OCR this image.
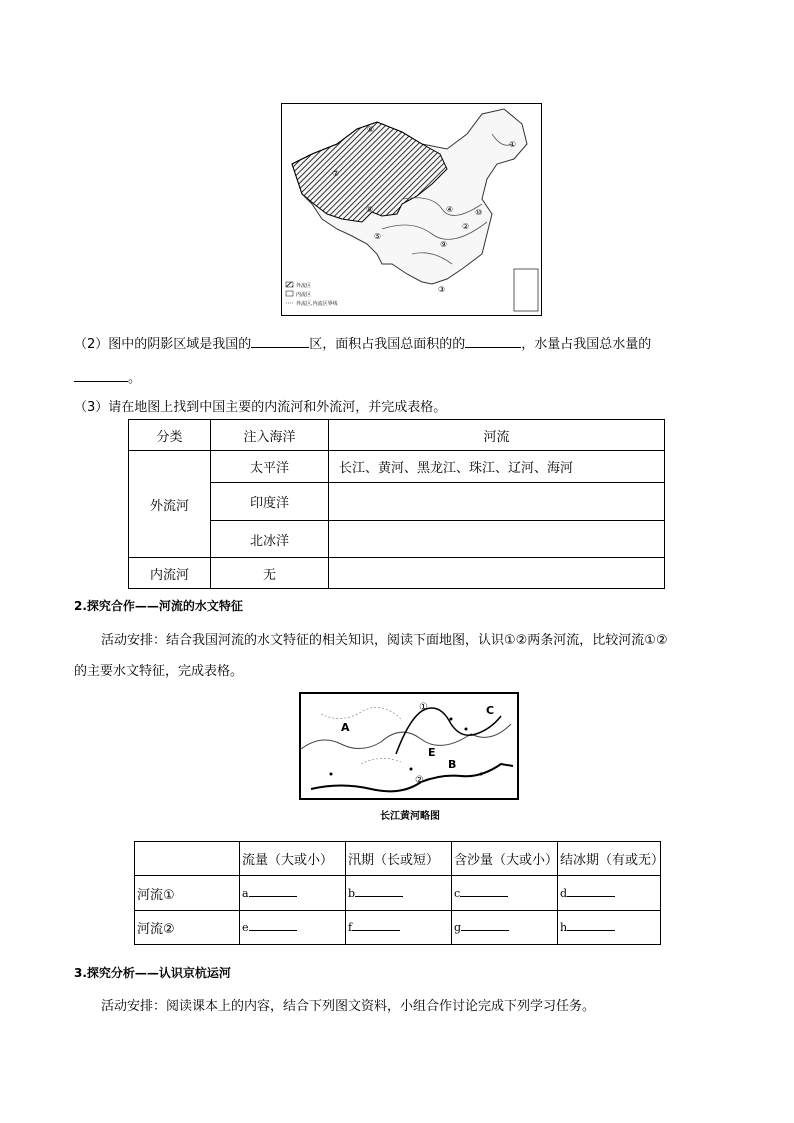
外流区
内流区
外流区,内流区界线
①
②
③
④
⑤
⑥
⑦
⑧
⑨
⑩
（2）图中的阴影区域是我国的	区，面积占我国总面积的的	，水量占我国总水量的
。
（3）请在地图上找到中国主要的内流河和外流河，并完成表格。
分类	注入海洋	河流
外流河	太平洋	长江、黄河、黑龙江、珠江、辽河、海河
	印度洋	
	北冰洋	
内流河	无	
2.探究合作——河流的水文特征
活动安排：结合我国河流的水文特征的相关知识，阅读下面地图，认识①②两条河流，比较河流①②
的主要水文特征，完成表格。
A
B
C
E
①
②
长江黄河略图
	流量（大或小）	汛期（长或短）	含沙量（大或小）	结冰期（有或无）
河流①	a	b	c	d
河流②	e	f	g	h
3.探究分析——认识京杭运河
活动安排：阅读课本上的内容，结合下列图文资料，小组合作讨论完成下列学习任务。
